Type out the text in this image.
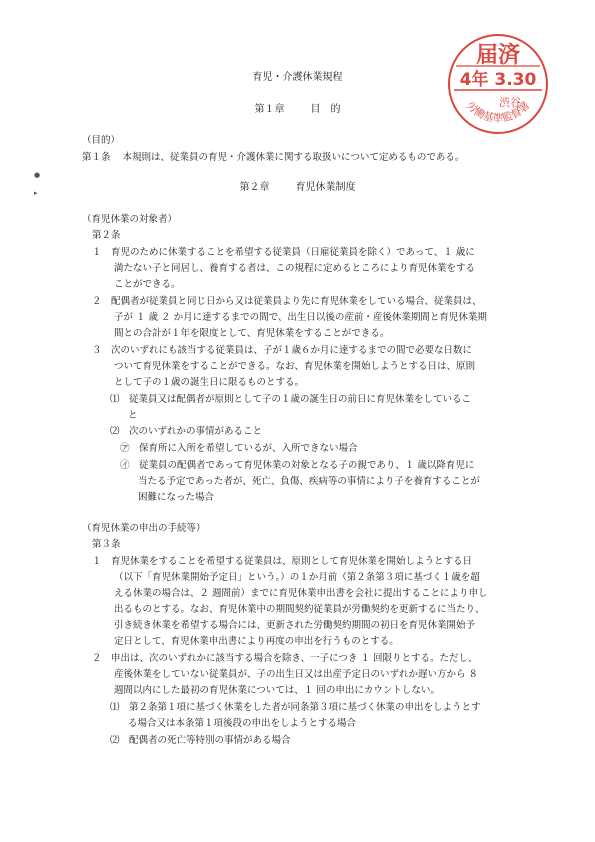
届済
4年 3.30
渋谷
労働基準監督署
育児・介護休業規程
第１章	目　的
（目的）
第１条 本規則は、従業員の育児・介護休業に関する取扱いについて定めるものである。
第２章	育児休業制度
●
▸
（育児休業の対象者）
第２条
１　育児のために休業することを希望する従業員（日雇従業員を除く）であって、１ 歳に
満たない子と同居し、養育する者は、この規程に定めるところにより育児休業をする
ことができる。
２　配偶者が従業員と同じ日から又は従業員より先に育児休業をしている場合、従業員は、
子が １ 歳 ２ か月に達するまでの間で、出生日以後の産前・産後休業期間と育児休業期
間との合計が１年を限度として、育児休業をすることができる。
３　次のいずれにも該当する従業員は、子が１歳６か月に達するまでの間で必要な日数に
ついて育児休業をすることができる。なお、育児休業を開始しようとする日は、原則
として子の１歳の誕生日に限るものとする。
⑴　従業員又は配偶者が原則として子の１歳の誕生日の前日に育児休業をしているこ
と
⑵　次のいずれかの事情があること
㋐　保育所に入所を希望しているが、入所できない場合
㋑　従業員の配偶者であって育児休業の対象となる子の親であり、１ 歳以降育児に
当たる予定であった者が、死亡、負傷、疾病等の事情により子を養育することが
困難になった場合
（育児休業の申出の手続等）
第３条
１　育児休業をすることを希望する従業員は、原則として育児休業を開始しようとする日
（以下「育児休業開始予定日」という。）の１か月前（第２条第３項に基づく１歳を超
える休業の場合は、２ 週間前）までに育児休業申出書を会社に提出することにより申し
出るものとする。なお、育児休業中の期間契約従業員が労働契約を更新するに当たり、
引き続き休業を希望する場合には、更新された労働契約期間の初日を育児休業開始予
定日として、育児休業申出書により再度の申出を行うものとする。
２　申出は、次のいずれかに該当する場合を除き、一子につき １ 回限りとする。ただし、
産後休業をしていない従業員が、子の出生日又は出産予定日のいずれか遅い方から ８
週間以内にした最初の育児休業については、１ 回の申出にカウントしない。
⑴　第２条第１項に基づく休業をした者が同条第３項に基づく休業の申出をしようとす
る場合又は本条第１項後段の申出をしようとする場合
⑵　配偶者の死亡等特別の事情がある場合
